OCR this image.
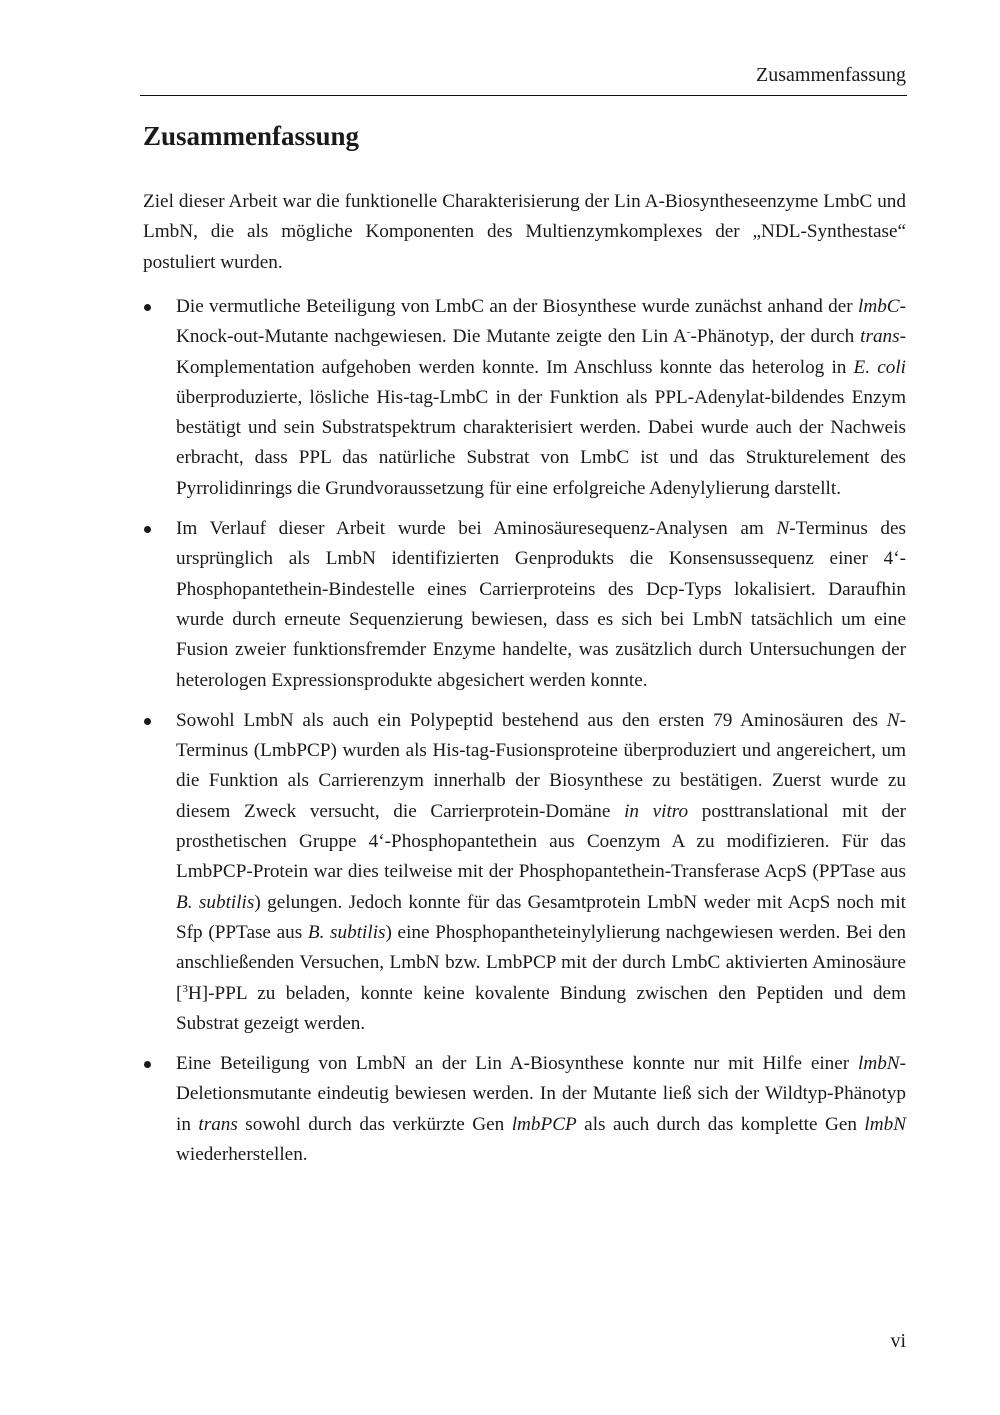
Zusammenfassung
Zusammenfassung

Ziel dieser Arbeit war die funktionelle Charakterisierung der Lin A-Biosyntheseenzyme LmbC und LmbN, die als mögliche Komponenten des Multienzymkomplexes der „NDL-Synthestase“ postuliert wurden.

Die vermutliche Beteiligung von LmbC an der Biosynthese wurde zunächst anhand der lmbC-Knock-out-Mutante nachgewiesen. Die Mutante zeigte den Lin A--Phänotyp, der durch trans-Komplementation aufgehoben werden konnte. Im Anschluss konnte das heterolog in E. coli überproduzierte, lösliche His-tag-LmbC in der Funktion als PPL-Adenylat-bildendes Enzym bestätigt und sein Substratspektrum charakterisiert werden. Dabei wurde auch der Nachweis erbracht, dass PPL das natürliche Substrat von LmbC ist und das Strukturelement des Pyrrolidinrings die Grundvoraussetzung für eine erfolgreiche Adenylylierung darstellt.
Im Verlauf dieser Arbeit wurde bei Aminosäuresequenz-Analysen am N-Terminus des ursprünglich als LmbN identifizierten Genprodukts die Konsensussequenz einer 4‘-Phosphopantethein-Bindestelle eines Carrierproteins des Dcp-Typs lokalisiert. Daraufhin wurde durch erneute Sequenzierung bewiesen, dass es sich bei LmbN tatsächlich um eine Fusion zweier funktionsfremder Enzyme handelte, was zusätzlich durch Untersuchungen der heterologen Expressionsprodukte abgesichert werden konnte.
Sowohl LmbN als auch ein Polypeptid bestehend aus den ersten 79 Aminosäuren des N-Terminus (LmbPCP) wurden als His-tag-Fusionsproteine überproduziert und angereichert, um die Funktion als Carrierenzym innerhalb der Biosynthese zu bestätigen. Zuerst wurde zu diesem Zweck versucht, die Carrierprotein-Domäne in vitro posttranslational mit der prosthetischen Gruppe 4‘-Phosphopantethein aus Coenzym A zu modifizieren. Für das LmbPCP-Protein war dies teilweise mit der Phosphopantethein-Transferase AcpS (PPTase aus B. subtilis) gelungen. Jedoch konnte für das Gesamtprotein LmbN weder mit AcpS noch mit Sfp (PPTase aus B. subtilis) eine Phosphopantheteinylylierung nachgewiesen werden. Bei den anschließenden Versuchen, LmbN bzw. LmbPCP mit der durch LmbC aktivierten Aminosäure [$^3$H]-PPL zu beladen, konnte keine kovalente Bindung zwischen den Peptiden und dem Substrat gezeigt werden.
Eine Beteiligung von LmbN an der Lin A-Biosynthese konnte nur mit Hilfe einer lmbN-Deletionsmutante eindeutig bewiesen werden. In der Mutante ließ sich der Wildtyp-Phänotyp in trans sowohl durch das verkürzte Gen lmbPCP als auch durch das komplette Gen lmbN wiederherstellen.
vi
